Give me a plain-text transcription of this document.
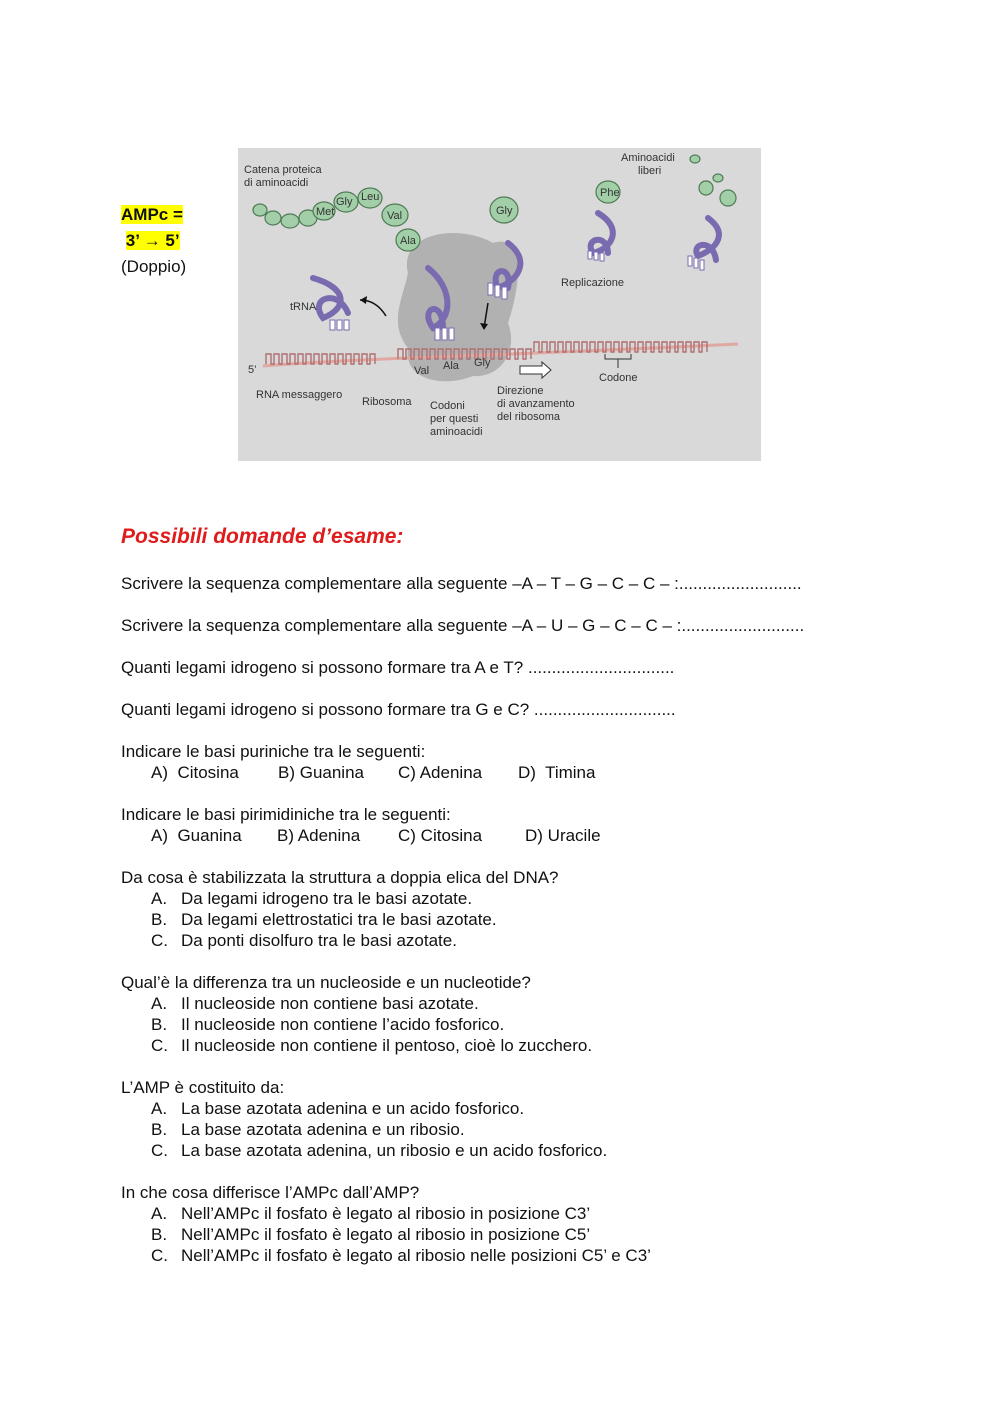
AMPc =
3’ → 5’
(Doppio)
Met
Gly Leu
Val
Ala
Gly
Phe
Catena proteica
di aminoacidi
Aminoacidi
liberi
tRNA
Replicazione
5’
RNA messaggero
Ribosoma Codoni
per questi
aminoacidi
Direzione
di avanzamento
del ribosoma
Codone
Val Ala Gly
Possibili domande d’esame:
Scrivere la sequenza complementare alla seguente –A – T – G – C – C – :..........................
Scrivere la sequenza complementare alla seguente –A – U – G – C – C – :..........................
Quanti legami idrogeno si possono formare tra A e T? ...............................
Quanti legami idrogeno si possono formare tra G e C? ..............................
Indicare le basi puriniche tra le seguenti:
A)  Citosina B) Guanina C) Adenina D)  Timina
Indicare le basi pirimidiniche tra le seguenti:
A)  Guanina B) Adenina C) Citosina	D) Uracile
Da cosa è stabilizzata la struttura a doppia elica del DNA?
A. Da legami idrogeno tra le basi azotate.
B. Da legami elettrostatici tra le basi azotate.
C. Da ponti disolfuro tra le basi azotate.
Qual’è la differenza tra un nucleoside e un nucleotide?
A. Il nucleoside non contiene basi azotate.
B. Il nucleoside non contiene l’acido fosforico.
C. Il nucleoside non contiene il pentoso, cioè lo zucchero.
L’AMP è costituito da:
A. La base azotata adenina e un acido fosforico.
B. La base azotata adenina e un ribosio.
C. La base azotata adenina, un ribosio e un acido fosforico.
In che cosa differisce l’AMPc dall’AMP?
A. Nell’AMPc il fosfato è legato al ribosio in posizione C3’
B. Nell’AMPc il fosfato è legato al ribosio in posizione C5’
C. Nell’AMPc il fosfato è legato al ribosio nelle posizioni C5’ e C3’
